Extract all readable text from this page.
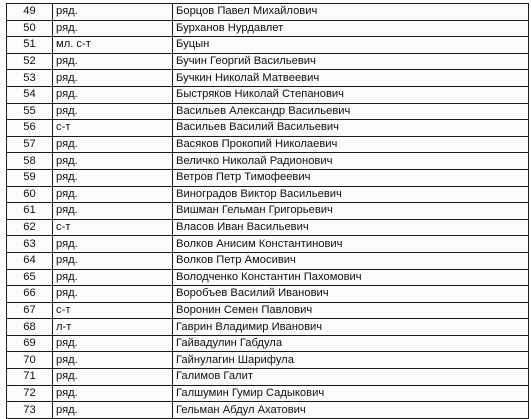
49	ряд.	Борцов Павел Михайлович
50	ряд.	Бурханов Нурдавлет
51	мл. с-т	Буцын
52	ряд.	Бучин Георгий Васильевич
53	ряд.	Бучкин Николай Матвеевич
54	ряд.	Быстряков Николай Степанович
55	ряд.	Васильев Александр Васильевич
56	с-т	Васильев Василий Васильевич
57	ряд.	Васяков Прокопий Николаевич
58	ряд.	Величко Николай Радионович
59	ряд.	Ветров Петр Тимофеевич
60	ряд.	Виноградов Виктор Васильевич
61	ряд.	Вишман Гельман Григорьевич
62	с-т	Власов Иван Васильевич
63	ряд.	Волков Анисим Константинович
64	ряд.	Волков Петр Амосивич
65	ряд.	Володченко Константин Пахомович
66	ряд.	Воробъев Василий Иванович
67	с-т	Воронин Семен Павлович
68	л-т	Гаврин Владимир Иванович
69	ряд.	Гайвадулин Габдула
70	ряд.	Гайнулагин Шарифула
71	ряд.	Галимов Галит
72	ряд.	Галшумин Гумир Садыкович
73	ряд.	Гельман Абдул Ахатович
